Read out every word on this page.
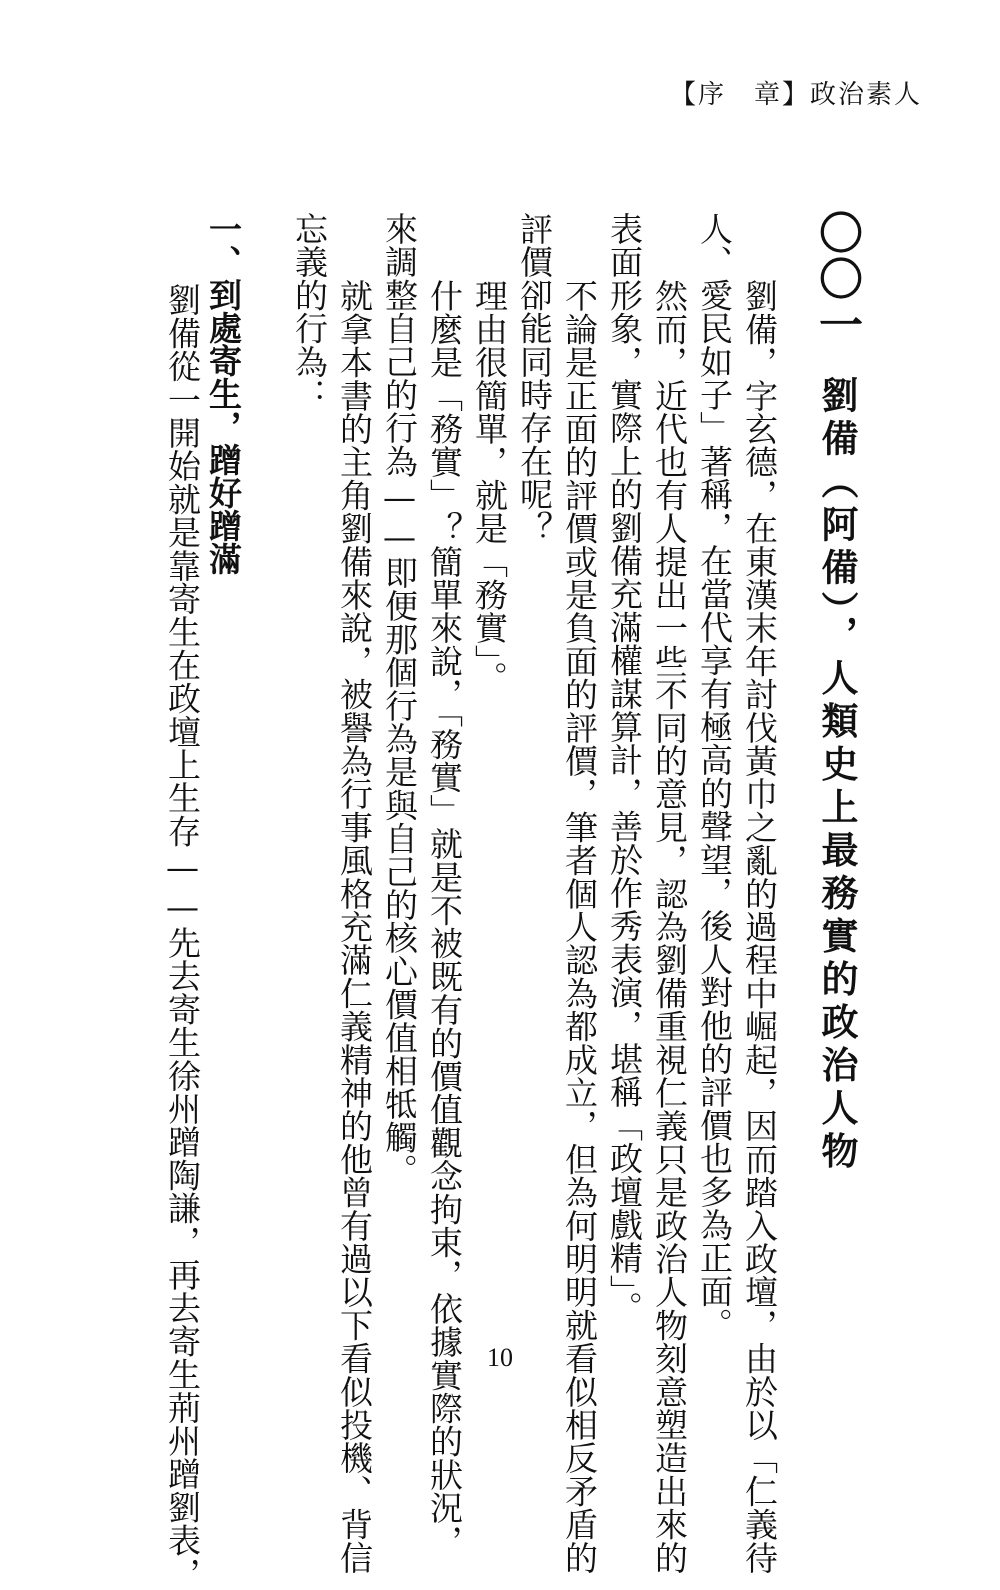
【序　章】政治素人
〇〇一劉備（阿備），人類史上最務實的政治人物
　劉備，字玄德，在東漢末年討伐黃巾之亂的過程中崛起，因而踏入政壇，由於以「仁義待
人、愛民如子」著稱，在當代享有極高的聲望，後人對他的評價也多為正面。
　然而，近代也有人提出一些不同的意見，認為劉備重視仁義只是政治人物刻意塑造出來的
表面形象，實際上的劉備充滿權謀算計，善於作秀表演，堪稱「政壇戲精」。
　不論是正面的評價或是負面的評價，筆者個人認為都成立，但為何明明就看似相反矛盾的
評價卻能同時存在呢？
　理由很簡單，就是「務實」。
　什麼是「務實」？簡單來說，「務實」就是不被既有的價值觀念拘束，依據實際的狀況，
來調整自己的行為——即便那個行為是與自己的核心價值相牴觸。
　就拿本書的主角劉備來說，被譽為行事風格充滿仁義精神的他曾有過以下看似投機、背信
忘義的行為：
一、到處寄生，蹭好蹭滿
　劉備從一開始就是靠寄生在政壇上生存——先去寄生徐州蹭陶謙，再去寄生荊州蹭劉表，	10
